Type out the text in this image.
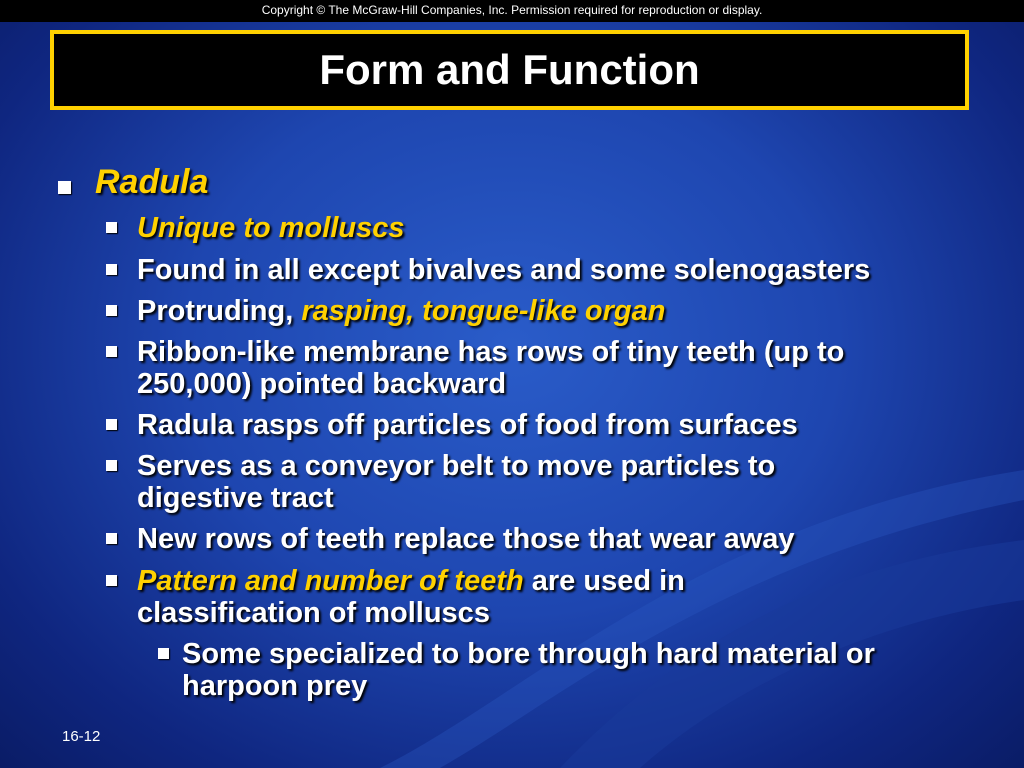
Copyright © The McGraw-Hill Companies, Inc. Permission required for reproduction or display.
Form and Function
Radula
Unique to molluscs
Found in all except bivalves and some solenogasters
Protruding, rasping, tongue-like organ
Ribbon-like membrane has rows of tiny teeth (up to
250,000) pointed backward
Radula rasps off particles of food from surfaces
Serves as a conveyor belt to move particles to
digestive tract
New rows of teeth replace those that wear away
Pattern and number of teeth are used in
classification of molluscs
Some specialized to bore through hard material or
harpoon prey
16-12
